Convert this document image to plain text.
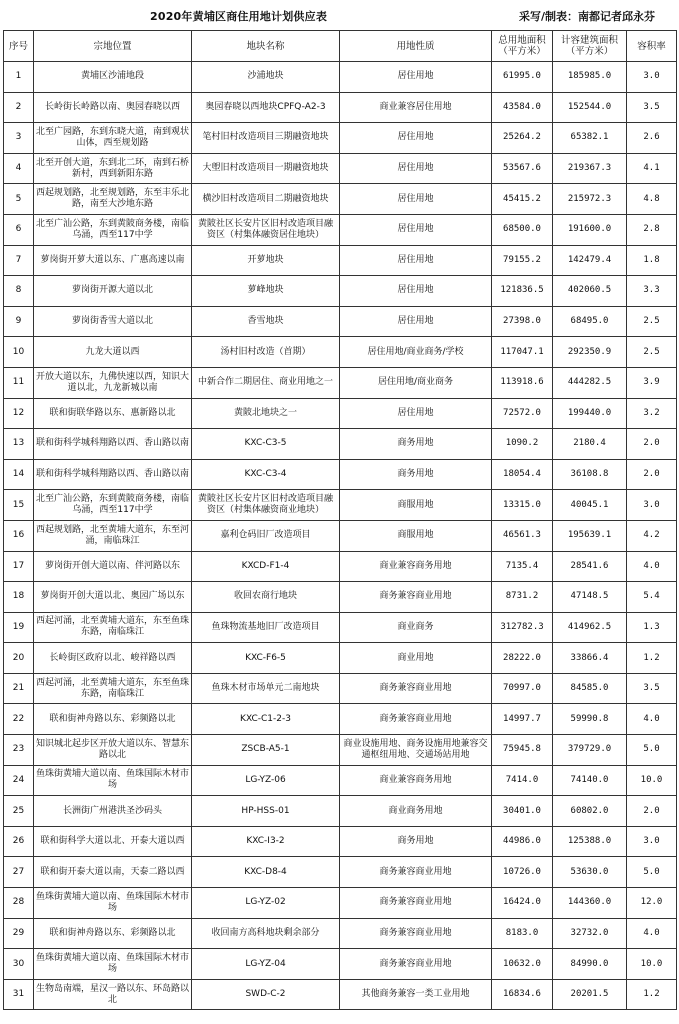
2020年黄埔区商住用地计划供应表	采写/制表：南都记者邱永芬
序号	宗地位置	地块名称	用地性质	总用地面积（平方米）	计容建筑面积（平方米）	容积率
1	黄埔区沙浦地段	沙浦地块	居住用地	61995.0	185985.0	3.0
2	长岭街长岭路以南、奥园春晓以西	奥园春晓以西地块CPFQ-A2-3	商业兼容居住用地	43584.0	152544.0	3.5
3	北至广园路，东到东晓大道，南到观状山体，西至规划路	笔村旧村改造项目三期融资地块	居住用地	25264.2	65382.1	2.6
4	北至开创大道，东到北二环，南到石桥新村，西到新阳东路	大塱旧村改造项目一期融资地块	居住用地	53567.6	219367.3	4.1
5	西起规划路，北至规划路，东至丰乐北路，南至大沙地东路	横沙旧村改造项目二期融资地块	居住用地	45415.2	215972.3	4.8
6	北至广汕公路，东到黄陂商务楼，南临乌涌，西至117中学	黄陂社区长安片区旧村改造项目融资区（村集体融资居住地块）	居住用地	68500.0	191600.0	2.8
7	萝岗街开萝大道以东、广惠高速以南	开萝地块	居住用地	79155.2	142479.4	1.8
8	萝岗街开源大道以北	萝峰地块	居住用地	121836.5	402060.5	3.3
9	萝岗街香雪大道以北	香雪地块	居住用地	27398.0	68495.0	2.5
10	九龙大道以西	汤村旧村改造（首期）	居住用地/商业商务/学校	117047.1	292350.9	2.5
11	开放大道以东，九佛快速以西，知识大道以北，九龙新城以南	中新合作二期居住、商业用地之一	居住用地/商业商务	113918.6	444282.5	3.9
12	联和街联华路以东、惠新路以北	黄陂北地块之一	居住用地	72572.0	199440.0	3.2
13	联和街科学城科翔路以西、香山路以南	KXC-C3-5	商务用地	1090.2	2180.4	2.0
14	联和街科学城科翔路以西、香山路以南	KXC-C3-4	商务用地	18054.4	36108.8	2.0
15	北至广汕公路，东到黄陂商务楼，南临乌涌，西至117中学	黄陂社区长安片区旧村改造项目融资区（村集体融资商业地块）	商服用地	13315.0	40045.1	3.0
16	西起规划路，北至黄埔大道东，东至河涌，南临珠江	嘉利仓码旧厂改造项目	商服用地	46561.3	195639.1	4.2
17	萝岗街开创大道以南、伴河路以东	KXCD-F1-4	商业兼容商务用地	7135.4	28541.6	4.0
18	萝岗街开创大道以北、奥园广场以东	收回农商行地块	商务兼容商业用地	8731.2	47148.5	5.4
19	西起河涌，北至黄埔大道东，东至鱼珠东路，南临珠江	鱼珠物流基地旧厂改造项目	商业商务	312782.3	414962.5	1.3
20	长岭街区政府以北、峻祥路以西	KXC-F6-5	商业用地	28222.0	33866.4	1.2
21	西起河涌，北至黄埔大道东，东至鱼珠东路，南临珠江	鱼珠木材市场单元二南地块	商务兼容商业用地	70997.0	84585.0	3.5
22	联和街神舟路以东、彩频路以北	KXC-C1-2-3	商务兼容商业用地	14997.7	59990.8	4.0
23	知识城北起步区开放大道以东、智慧东路以北	ZSCB-A5-1	商业设施用地、商务设施用地兼容交通枢纽用地、交通场站用地	75945.8	379729.0	5.0
24	鱼珠街黄埔大道以南、鱼珠国际木材市场	LG-YZ-06	商业兼容商务用地	7414.0	74140.0	10.0
25	长洲街广州港洪圣沙码头	HP-HSS-01	商业商务用地	30401.0	60802.0	2.0
26	联和街科学大道以北、开泰大道以西	KXC-I3-2	商务用地	44986.0	125388.0	3.0
27	联和街开泰大道以南，天泰二路以西	KXC-D8-4	商务兼容商业用地	10726.0	53630.0	5.0
28	鱼珠街黄埔大道以南、鱼珠国际木材市场	LG-YZ-02	商务兼容商业用地	16424.0	144360.0	12.0
29	联和街神舟路以东、彩频路以北	收回南方高科地块剩余部分	商务兼容商业用地	8183.0	32732.0	4.0
30	鱼珠街黄埔大道以南、鱼珠国际木材市场	LG-YZ-04	商务兼容商业用地	10632.0	84990.0	10.0
31	生物岛南端，星汉一路以东、环岛路以北	SWD-C-2	其他商务兼容一类工业用地	16834.6	20201.5	1.2
